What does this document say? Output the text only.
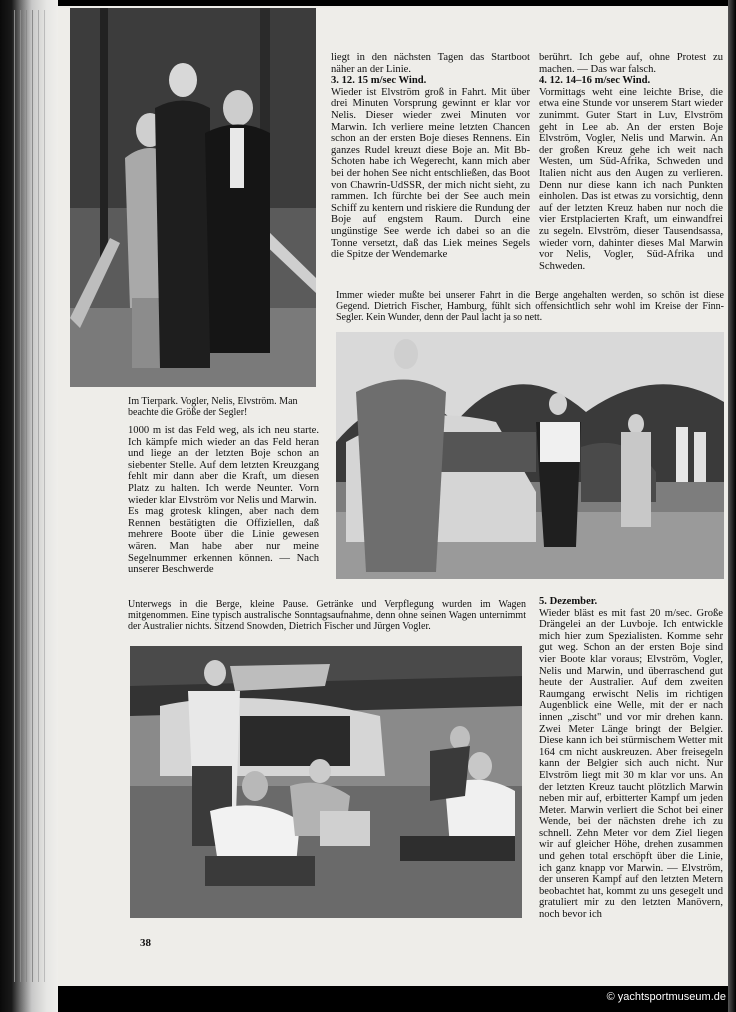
Im Tierpark. Vogler, Nelis, Elvström. Man beachte die Größe der Segler!

1000 m ist das Feld weg, als ich neu starte. Ich kämpfe mich wieder an das Feld heran und liege an der letzten Boje schon an siebenter Stelle. Auf dem letzten Kreuzgang fehlt mir dann aber die Kraft, um diesen Platz zu halten. Ich werde Neunter. Vorn wieder klar Elvström vor Nelis und Marwin.

Es mag grotesk klingen, aber nach dem Rennen bestätigten die Offiziellen, daß mehrere Boote über die Linie gewesen wären. Man habe aber nur meine Segelnummer erkennen können. — Nach unserer Beschwerde

liegt in den nächsten Tagen das Startboot näher an der Linie.

3. 12. 15 m/sec Wind.

Wieder ist Elvström groß in Fahrt. Mit über drei Minuten Vorsprung gewinnt er klar vor Nelis. Dieser wieder zwei Minuten vor Marwin. Ich verliere meine letzten Chancen schon an der ersten Boje dieses Rennens. Ein ganzes Rudel kreuzt diese Boje an. Mit Bb-Schoten habe ich Wegerecht, kann mich aber bei der hohen See nicht entschließen, das Boot von Chawrin-UdSSR, der mich nicht sieht, zu rammen. Ich fürchte bei der See auch mein Schiff zu kentern und riskiere die Rundung der Boje auf engstem Raum. Durch eine ungünstige See werde ich dabei so an die Tonne versetzt, daß das Liek meines Segels die Spitze der Wendemarke

berührt. Ich gebe auf, ohne Protest zu machen. — Das war falsch.

4. 12. 14–16 m/sec Wind.

Vormittags weht eine leichte Brise, die etwa eine Stunde vor unserem Start wieder zunimmt. Guter Start in Luv, Elvström geht in Lee ab. An der ersten Boje Elvström, Vogler, Nelis und Marwin. An der großen Kreuz gehe ich weit nach Westen, um Süd-Afrika, Schweden und Italien nicht aus den Augen zu verlieren. Denn nur diese kann ich nach Punkten einholen. Das ist etwas zu vorsichtig, denn auf der letzten Kreuz haben nur noch die vier Erstplacierten Kraft, um einwandfrei zu segeln. Elvström, dieser Tausendsassa, wieder vorn, dahinter dieses Mal Marwin vor Nelis, Vogler, Süd-Afrika und Schweden.

Immer wieder mußte bei unserer Fahrt in die Berge angehalten werden, so schön ist diese Gegend. Dietrich Fischer, Hamburg, fühlt sich offensichtlich sehr wohl im Kreise der Finn-Segler. Kein Wunder, denn der Paul lacht ja so nett.
Unterwegs in die Berge, kleine Pause. Getränke und Verpflegung wurden im Wagen mitgenommen. Eine typisch australische Sonntagsaufnahme, denn ohne seinen Wagen unternimmt der Australier nichts. Sitzend Snowden, Dietrich Fischer und Jürgen Vogler.

5. Dezember.

Wieder bläst es mit fast 20 m/sec. Große Drängelei an der Luvboje. Ich entwickle mich hier zum Spezialisten. Komme sehr gut weg. Schon an der ersten Boje sind vier Boote klar voraus; Elvström, Vogler, Nelis und Marwin, und überraschend gut heute der Australier. Auf dem zweiten Raumgang erwischt Nelis im richtigen Augenblick eine Welle, mit der er nach innen „zischt" und vor mir drehen kann. Zwei Meter Länge bringt der Belgier. Diese kann ich bei stürmischem Wetter mit 164 cm nicht auskreuzen. Aber freisegeln kann der Belgier sich auch nicht. Nur Elvström liegt mit 30 m klar vor uns. An der letzten Kreuz taucht plötzlich Marwin neben mir auf, erbitterter Kampf um jeden Meter. Marwin verliert die Schot bei einer Wende, bei der nächsten drehe ich zu schnell. Zehn Meter vor dem Ziel liegen wir auf gleicher Höhe, drehen zusammen und gehen total erschöpft über die Linie, ich ganz knapp vor Marwin. — Elvström, der unseren Kampf auf den letzten Metern beobachtet hat, kommt zu uns gesegelt und gratuliert mir zu den letzten Manövern, noch bevor ich

38
© yachtsportmuseum.de
